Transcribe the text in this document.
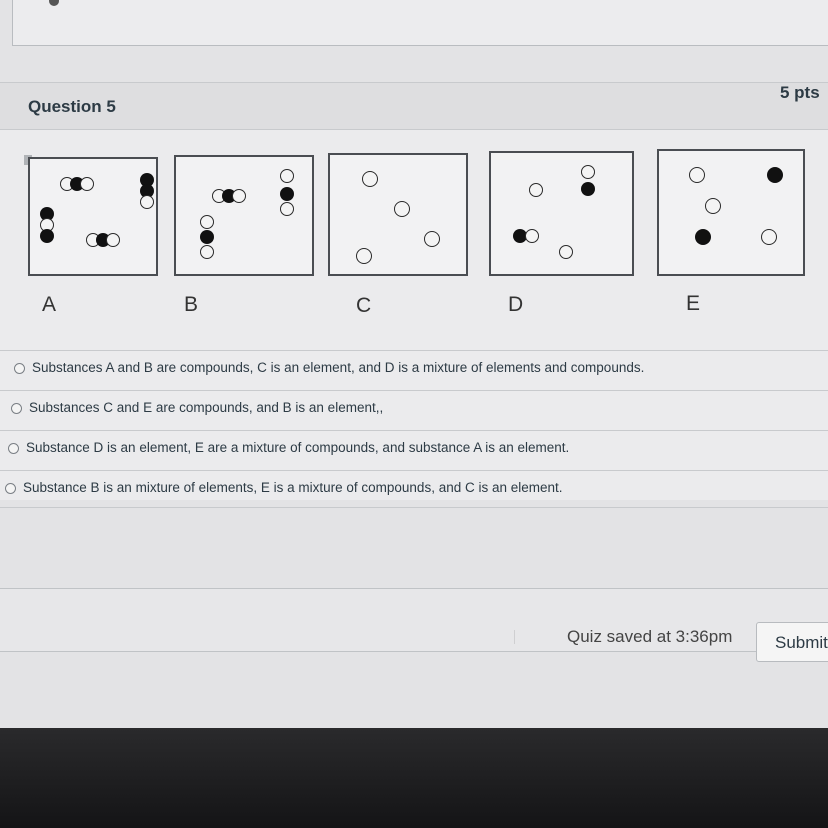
Question 5
5 pts
A	B	C	D	E
Substances A and B are compounds, C is an element, and D is a mixture of elements and compounds.
Substances C and E are compounds, and B is an element,,
Substance D is an element, E are a mixture of compounds, and substance A is an element.
Substance B is an mixture of elements, E is a mixture of compounds, and C is an element.
Quiz saved at 3:36pm	Submit
